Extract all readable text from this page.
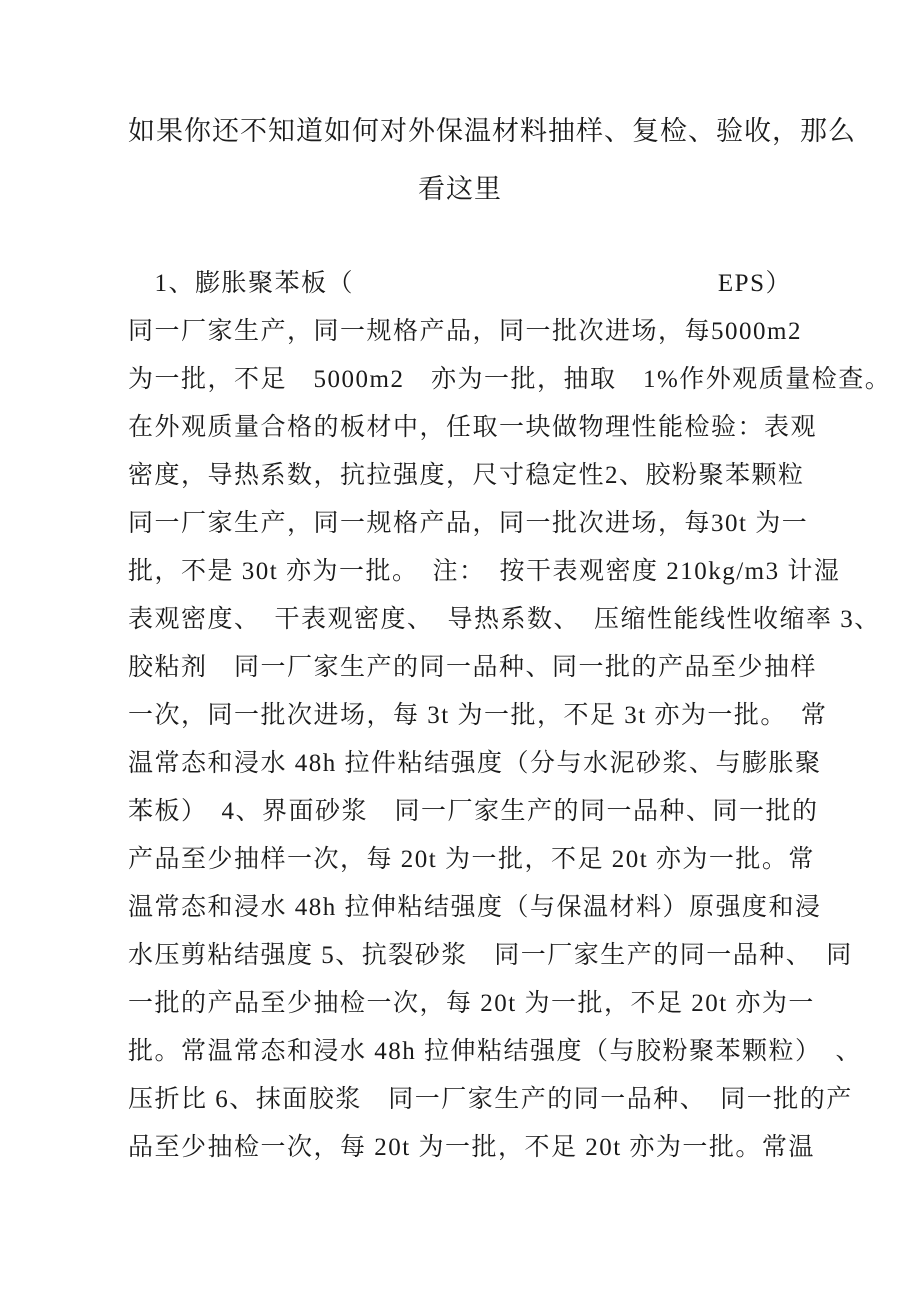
如果你还不知道如何对外保温材料抽样、复检、验收，那么
看这里
　1、膨胀聚苯板（	EPS）
同一厂家生产，同一规格产品，同一批次进场，每 5000m2
为一批，不足　5000m2　亦为一批，抽取　1%作外观质量检查。
在外观质量合格的板材中，任取一块做物理性能检验：表观
密度，导热系数，抗拉强度，尺寸稳定性 2、胶粉聚苯颗粒
同一厂家生产，同一规格产品，同一批次进场，每 30t 为一
批，不是 30t 亦为一批。　注：　按干表观密度 210kg/m3 计湿
表观密度、　干表观密度、　导热系数、　压缩性能线性收缩率 3、
胶粘剂　同一厂家生产的同一品种、同一批的产品至少抽样
一次，同一批次进场，每 3t 为一批，不足 3t 亦为一批。　常
温常态和浸水 48h 拉件粘结强度（分与水泥砂浆、与膨胀聚
苯板）　4、界面砂浆　同一厂家生产的同一品种、同一批的
产品至少抽样一次，每 20t 为一批，不足 20t 亦为一批。常
温常态和浸水 48h 拉伸粘结强度（与保温材料）原强度和浸
水压剪粘结强度 5、抗裂砂浆　同一厂家生产的同一品种、　同
一批的产品至少抽检一次，每 20t 为一批，不足 20t 亦为一
批。常温常态和浸水 48h 拉伸粘结强度（与胶粉聚苯颗粒）　、
压折比 6、抹面胶浆　同一厂家生产的同一品种、　同一批的产
品至少抽检一次，每 20t 为一批，不足 20t 亦为一批。常温
